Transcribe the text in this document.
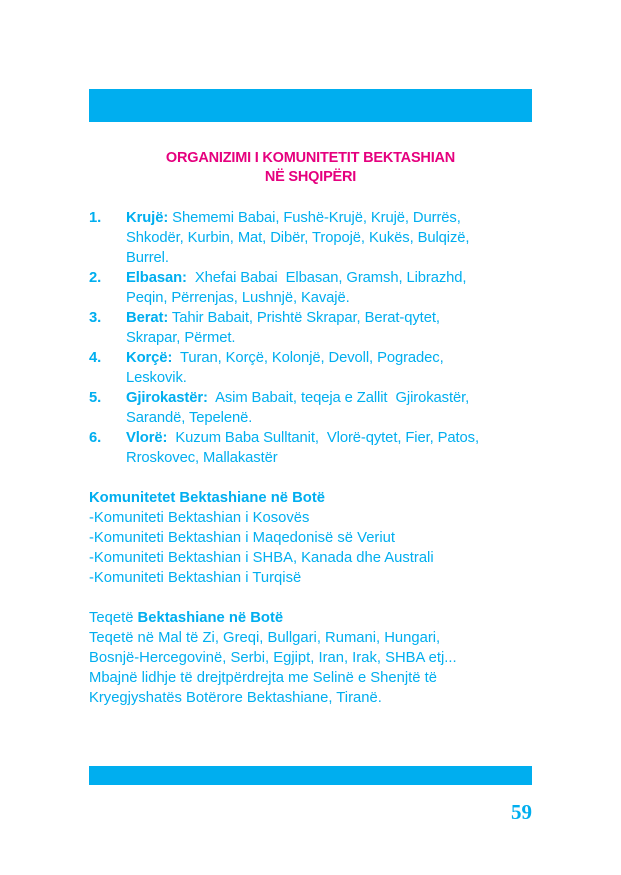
ORGANIZIMI I KOMUNITETIT BEKTASHIAN
NË SHQIPËRI
1. Krujë: Shememi Babai, Fushë-Krujë, Krujë, Durrës,
Shkodër, Kurbin, Mat, Dibër, Tropojë, Kukës, Bulqizë,
Burrel.
2. Elbasan:  Xhefai Babai  Elbasan, Gramsh, Librazhd,
Peqin, Përrenjas, Lushnjë, Kavajë.
3. Berat: Tahir Babait, Prishtë Skrapar, Berat-qytet,
Skrapar, Përmet.
4. Korçë:  Turan, Korçë, Kolonjë, Devoll, Pogradec,
Leskovik.
5. Gjirokastër:  Asim Babait, teqeja e Zallit  Gjirokastër,
Sarandë, Tepelenë.
6. Vlorë:  Kuzum Baba Sulltanit,  Vlorë-qytet, Fier, Patos,
Rroskovec, Mallakastër
Komunitetet Bektashiane në Botë
-Komuniteti Bektashian i Kosovës
-Komuniteti Bektashian i Maqedonisë së Veriut
-Komuniteti Bektashian i SHBA, Kanada dhe Australi
-Komuniteti Bektashian i Turqisë
Teqetë Bektashiane në Botë
Teqetë në Mal të Zi, Greqi, Bullgari, Rumani, Hungari,
Bosnjë-Hercegovinë, Serbi, Egjipt, Iran, Irak, SHBA etj...
Mbajnë lidhje të drejtpërdrejta me Selinë e Shenjtë të
Kryegjyshatës Botërore Bektashiane, Tiranë.
59
